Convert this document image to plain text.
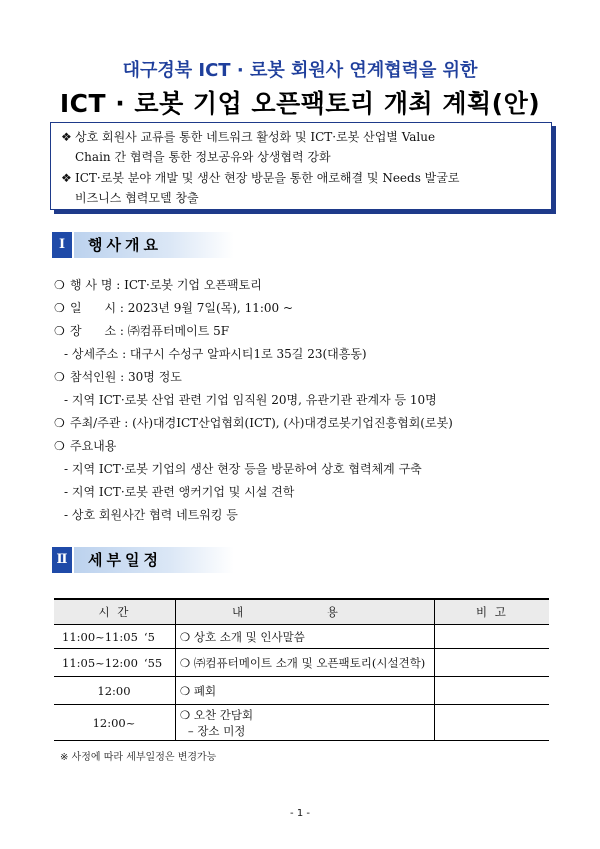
대구경북 ICT · 로봇 회원사 연계협력을 위한
ICT · 로봇 기업 오픈팩토리 개최 계획(안)
❖ 상호 회원사 교류를 통한 네트워크 활성화 및 ICT·로봇 산업별 Value
Chain 간 협력을 통한 정보공유와 상생협력 강화
❖ ICT·로봇 분야 개발 및 생산 현장 방문을 통한 애로해결 및 Needs 발굴로
비즈니스 협력모델 창출
Ⅰ	행사개요
❍ 행 사 명 : ICT·로봇 기업 오픈팩토리
❍ 일      시 : 2023년 9월 7일(목), 11:00 ~
❍ 장      소 : ㈜컴퓨터메이트 5F
- 상세주소 : 대구시 수성구 알파시티1로 35길 23(대흥동)
❍ 참석인원 : 30명 정도
- 지역 ICT·로봇 산업 관련 기업 임직원 20명, 유관기관 관계자 등 10명
❍ 주최/주관 : (사)대경ICT산업협회(ICT), (사)대경로봇기업진흥협회(로봇)
❍ 주요내용
- 지역 ICT·로봇 기업의 생산 현장 등을 방문하여 상호 협력체계 구축
- 지역 ICT·로봇 관련 앵커기업 및 시설 견학
- 상호 회원사간 협력 네트워킹 등
Ⅱ	세부일정
시 간	내 용	비 고
11:00~11:05 ‘5	❍ 상호 소개 및 인사말씀	
11:05~12:00 ‘55	❍ ㈜컴퓨터메이트 소개 및 오픈팩토리(시설견학)	
12:00	❍ 폐회	
12:00~	❍ 오찬 간담회
– 장소 미정	

※ 사정에 따라 세부일정은 변경가능
- 1 -
